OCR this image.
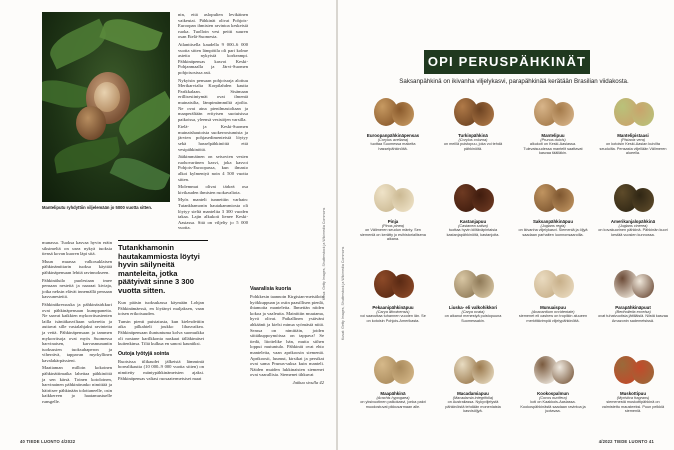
Manteliputu ryhdyttiin viljelemään jo 5000 vuotta sitten.

munassa. Tuoksa kasvaa hyvin eräin siksimeltä on usea nykyä tuoksia tiensä kovan kuoren läpi sitä.

Muun muassa valkosuklaisen pähkinämittarin tuoksa käyttää pähkinäpensaan lehtiä ravinnokseen.

Pähkinäluilo puolestaan imee pensaan nesteitä ja naaraat kiviaja, jotka neksin elävät innemällä pensaan kasvunesteitä.

Pähkinäkressuska ja pähkinäsirkkuri ovat pähkinäpensaan kumppaneita. Ne saavat kaikkien mykorritsasienten lailla isäntäkasviltaan sokereita ja auttavat sille vastalahjaksi ravinteita ja vettä. Pähkinäpensaan ja tammen mykorritsoja ovat myös Suomessa harvinaisen, karvasmunantin tuoksusien tuoksuhaperon ja viherrävä, tappavan myrkyllinen kavalakärpässieni.

Maatiaman milloin kokoinen pähkinättimaika lahettaa pähkinöitä ja sen kärsä. Toinen kotoloinen, harvinainen pähkinärunko nimittää ja häiritsee pähkinään tolottaneelle, osin kaikkereen jo haatamustuelle runsgelle.

nin, että aslopulien levikäinen vaikeutai. Pähkinät olivat Pohjois-Euroopan ihmisten ravintoa keskeisiä ruoka. Tuolloin vesi peitti suuren osan Etelä-Suomesta.

Atlanttisella kaudella 9 000–6 000 vuotta sitten lämpötila oli pari kolme astetta nykyistä korkeampi. Pähkinäpensas kasvoi Keski-Pohjanmaalla ja Järvi-Suomen pohjoisosissa asti.

Nykyisin pensaan pohjoisraja alottuu Merikarvialta Korpilahden kautta Parikkalaan. Sisämaan erillisesiintymät ovat ilmentä muinaisilta, lämpimämmiltä ajoilta. Ne ovat aina pienilmastoltaan ja maaperältään erityisen suotuisissa paikoissa, yleensä vesistöjen varsilla.

Etelä- ja Keski-Suomen muinaishautoista suokerrostumista ja järvien pohjasedimenteistä löytyy sekä hasselpähkinöitä että vesipähkinöitä.

Jääkimmäinen on seisovien vesien ruohovartinen kasvi, joka kasvoi Pohjois-Euroopassa, kun ilmasto alkoi kylmentyä noin 4 500 vuotta sitten.

Molemmat olivat tärkeä osa kivikauden ihmisten ruokavaliota.

Myös manteli tunnettiin varhain: Tutankhamonin hautakammiosta oli löytyy sieltä mantelita 3 300 vuoden takaa. Lajin alkukoti lienee Keski-Aasiassa. Sitä on viljelty jo 5 000 vuotta.

Tutankhamonin hautakammiosta löytyi hyvin säilyneitä manteleita, jotka päätyivät sinne 3 300 vuotta sitten.

Kun pääsin tuoksukassa käymään Lohjan Pähkinämäessä, en löytänyt maljaksen, vaan toisen erikoisuuden.

Tunsin pienti puistatusta, kun kielesdettiin aika pilkahteli joukko lihasvaikea. Pähkinäpensaan iluntuntuma kolva suomuikka oli nostane karilkkonta naskaat tälläkimäset kuitenkinsa. Tiliä kulkua en sanosi kauniiksi.

Outoja lyötyjä sointa

Ruotsissa tilikaudet jälkeistä lämmintä borealikautta (10 000–9 000 vuotta sitten) on nimitetty mäntypähkinämetsien ajaksi. Pähkinäpensas valtasi ruosaatermetsiset maat

Vaaralisia kuoria

Pohkkesin taannoin Kirgisian-metsäloin hyökkuppuan ja ostin paasillisen pienlä, ihtamoita manteleita. Ihmettän niiden kokoa ja vaaleutta. Mainittiin muutama, hyvä olivat. Paikallinen ystäväni ahkäänit ja kielsi minua syömästä niitä. Seassa on nimittäin, joiden siittäkuppoymöissa on tappava! Se tiedä, liiottelike hän, mutta siihen loppui mutuntulo. Pähkinät ovat ehto manteleita, vaan aprikoosin siemeniä. Aprikoosit, luumut, kirsikat ja persikat ovat sama Prunus-suksa kuin manteli. Näiden muiden lukkinaisten siemenet ovat vaarallisia. Siemenet tihkuvat

Jatkuu sivulla 42

Kuva: Getty Images, Shutterstock ja Wikimedia Commons
40 TIEDE LUONTO 4/2022
OPI PERUSPÄHKINÄT
Saksanpähkinä on ikivanha viljelykasvi, parapähkinää kerätään Brasilian viidakosta.
Kuvat: Getty Images, Shutterstock ja Wikimedia Commons
Euroopanpähkinäpensas
(Corylus avellana)
tuottaa Suomessa makeita hasselpähkinöitä.
Turkinpähkinä
(Corylus colurna)
on meillä puistopuu, joka voi tehdä pähkinöitä.
Mantelipuu
(Prunus dulcis)
alkukoti on Keski-Aasiassa. Tulevaisuudessa mantelit saattavat kasvaa täälläkin.
Mantelipistaasi
(Pistacia vera)
on kotoisin Keski-Aasian kuivilta seuduilta. Pensasta viljellään Välimeren alueella.
Pinja
(Pinus pinea)
on Välimeren seudun mänty. Sen siemeniä on kerätty jo esihistoriallisena aikana.
Kastanjapuu
(Castanea sativa)
tuottaa hyvin kiiltäväpintaisia kastanjapähkinöitä, kastanjoita.
Saksanpähkinäpuu
(Juglans regia)
on ikivanha viljelykasvi. Siemeniä ja öljyä saadaan parhaiten luonnonsaaroilla.
Amerikanjalopähkinä
(Juglans cinerea)
on kovakuorinen pähkinä. Pähkinän kuori kestää vuosien kunnossa.
Pekaanipähkinäpuu
(Carya illinoinensis)
voi saavuttaa tuhannen vuoden iän. Se on kotoisin Pohjois-Amerikasta.
Liuska- eli valkohikkori
(Carya ovata)
on aikanut menestyä puistopuuna Suomessakin.
Munuaispuu
(Anacardium occidentale)
siemenet eli cashew on tropiikin aluueen merkittävimpiä viljelypähkinöitä.
Parapähkinäpuut
(Bertholletia excelsa)
ovat tuhatvuotisia jättiläisiä. Niistä kasvaa Amazonin sademetsissä.
Maapähkinä
(Arachis hypogaea)
on yksivuotinen palkokasvi, jonka palot muodostuvat pikkusarmaan alle.
Macadamiapuu
(Macadamia integrifolia)
on Australiassa. Nykyviljelystä pähkinöistä tehdään monenlaista kasvisöljyä.
Kookospalmun
(Cocos nucifera)
koti on Kaakkois-Aasiassa. Kookospähkinästä saadaan ravintoa ja juotavaa.
Muskottipuu
(Myristica fragrans)
siemenestä muskottipähkinä on valmistettu mausteeksi. Puun pelkkiä siemeniä.
4/2022 TIEDE LUONTO 41
